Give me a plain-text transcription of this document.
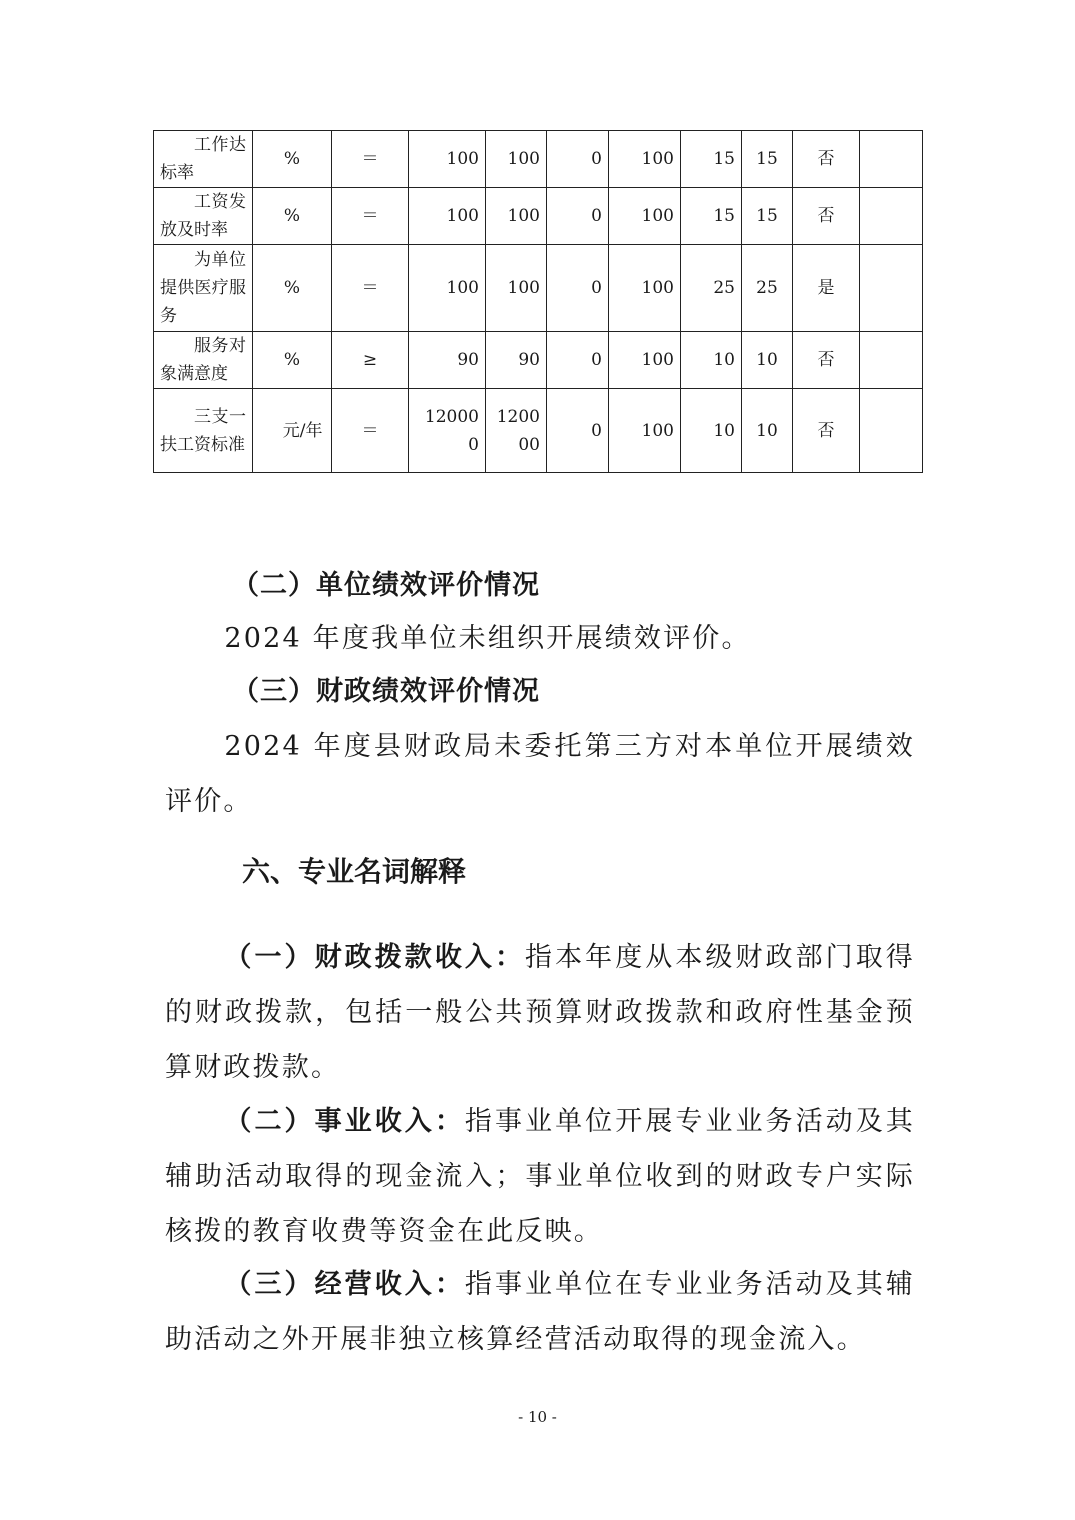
工作达标率	%	＝	100	100	0	100	15	15	否	
工资发放及时率	%	＝	100	100	0	100	15	15	否	
为单位提供医疗服务	%	＝	100	100	0	100	25	25	是	
服务对象满意度	%	≥	90	90	0	100	10	10	否	
三支一扶工资标准	元/年	＝	120000	120000	0	100	10	10	否	
（二）单位绩效评价情况
2024 年度我单位未组织开展绩效评价。
（三）财政绩效评价情况
2024 年度县财政局未委托第三方对本单位开展绩效评价。
六、专业名词解释
（一）财政拨款收入：指本年度从本级财政部门取得的财政拨款，包括一般公共预算财政拨款和政府性基金预算财政拨款。
（二）事业收入：指事业单位开展专业业务活动及其辅助活动取得的现金流入；事业单位收到的财政专户实际核拨的教育收费等资金在此反映。
（三）经营收入：指事业单位在专业业务活动及其辅助活动之外开展非独立核算经营活动取得的现金流入。
- 10 -
